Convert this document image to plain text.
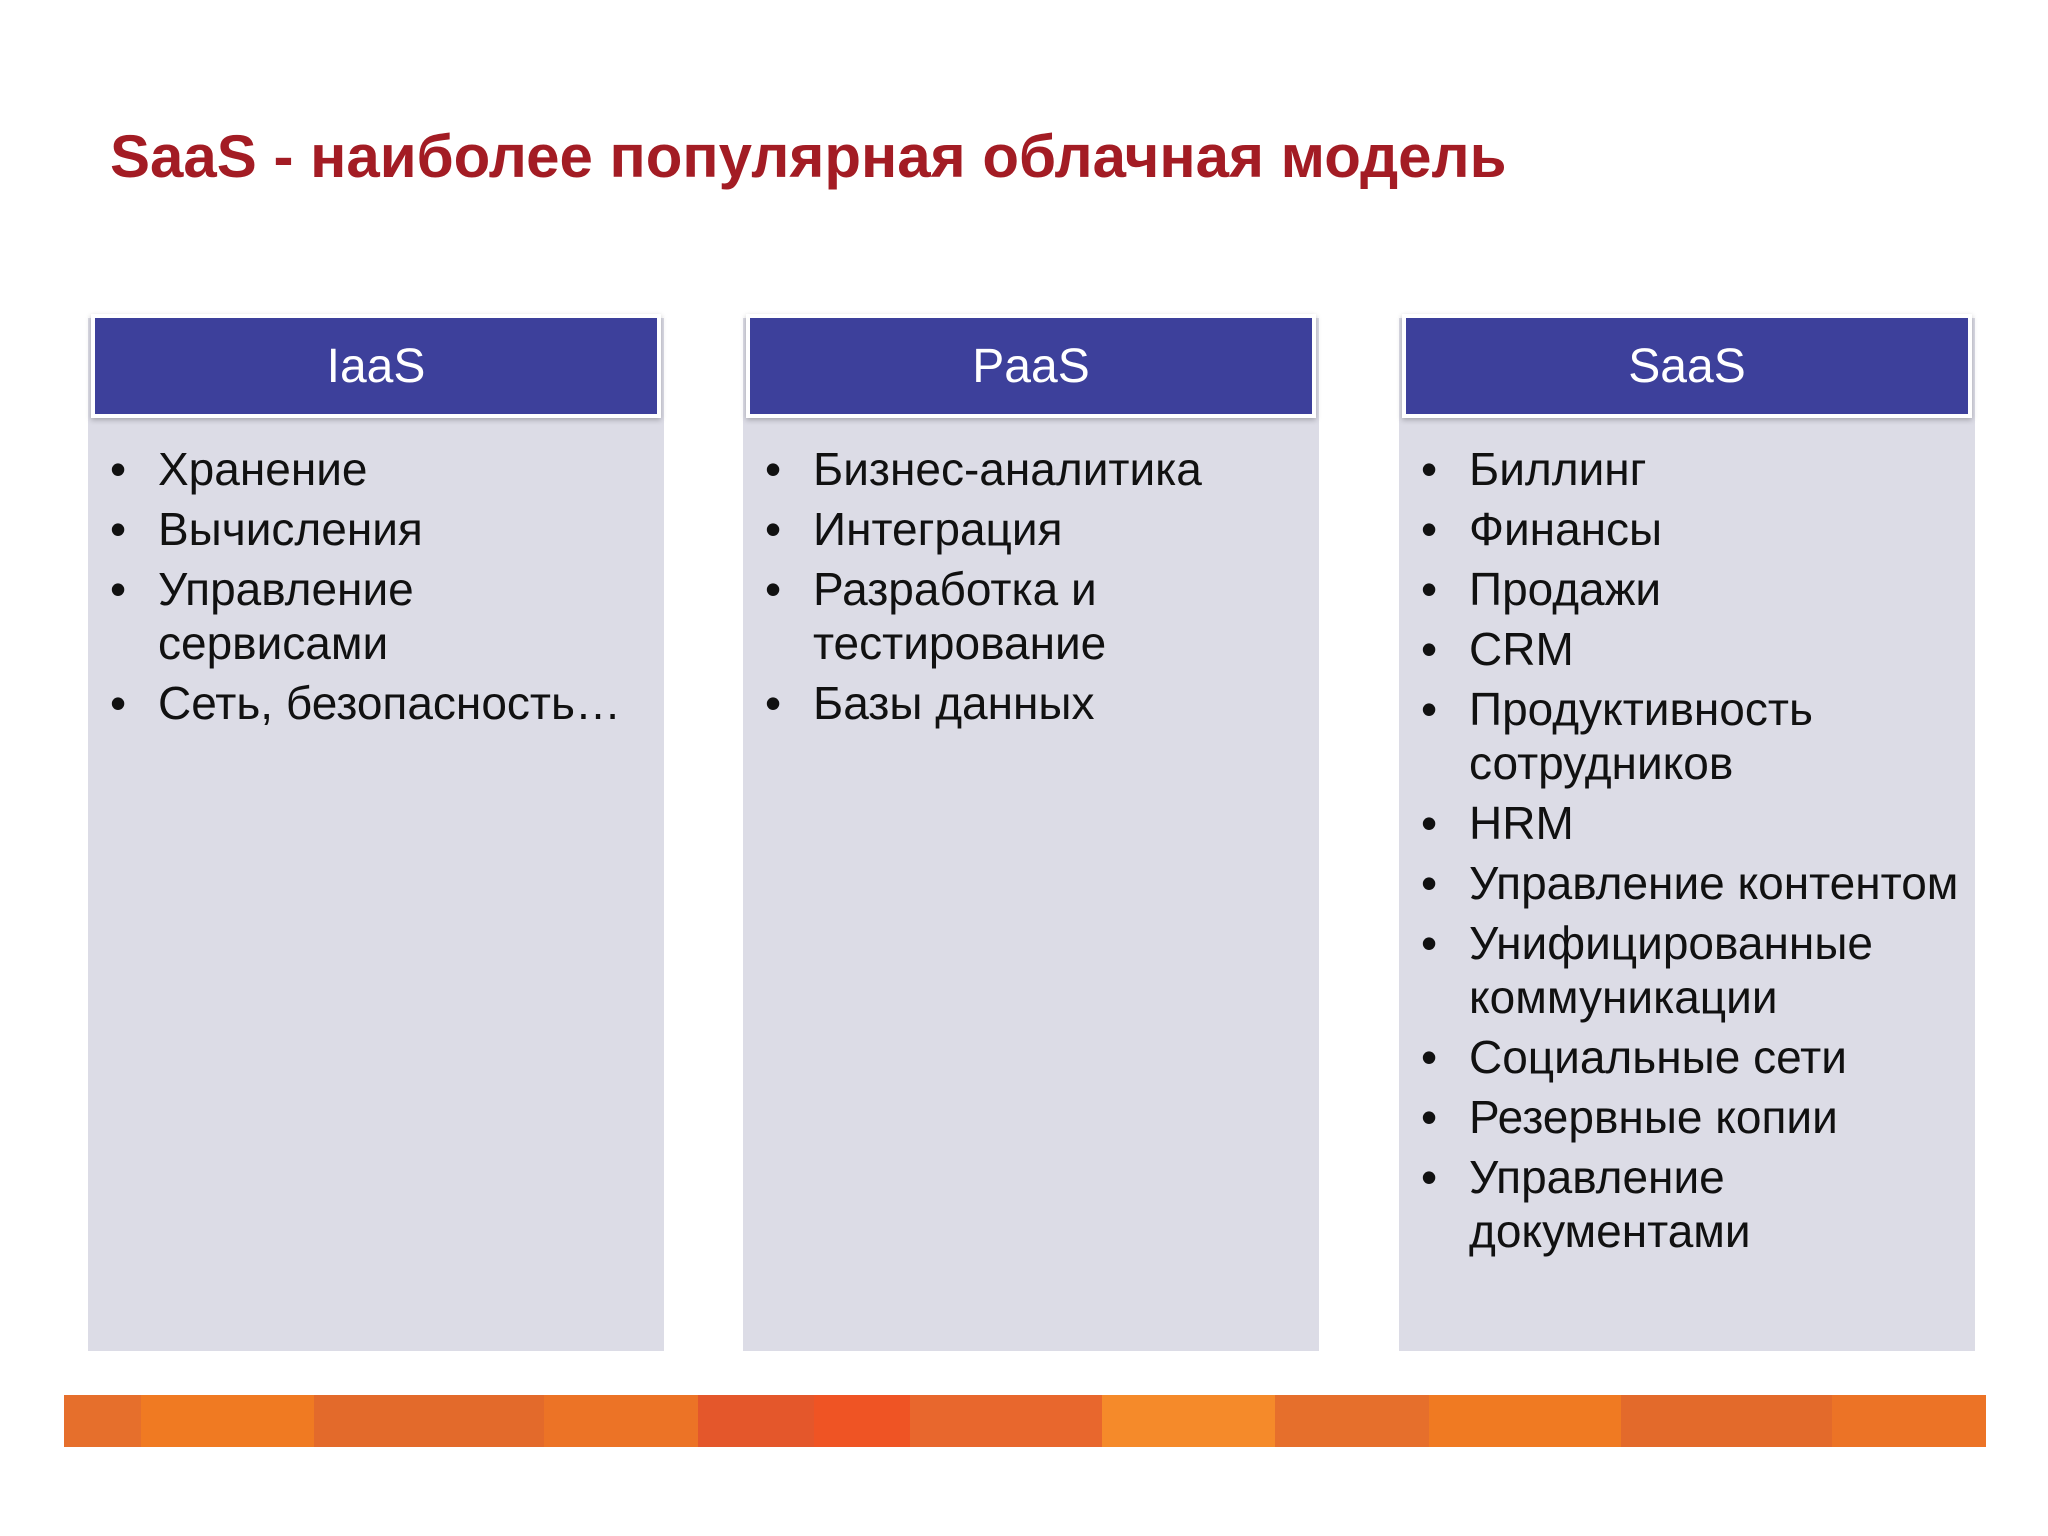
SaaS - наиболее популярная облачная модель
IaaS
• Хранение
• Вычисления
• Управление сервисами
• Сеть, безопасность…
PaaS
• Бизнес-аналитика
• Интеграция
• Разработка и тестирование
• Базы данных
SaaS
• Биллинг
• Финансы
• Продажи
• CRM
• Продуктивность сотрудников
• HRM
• Управление контентом
• Унифицированные коммуникации
• Социальные сети
• Резервные копии
• Управление документами
